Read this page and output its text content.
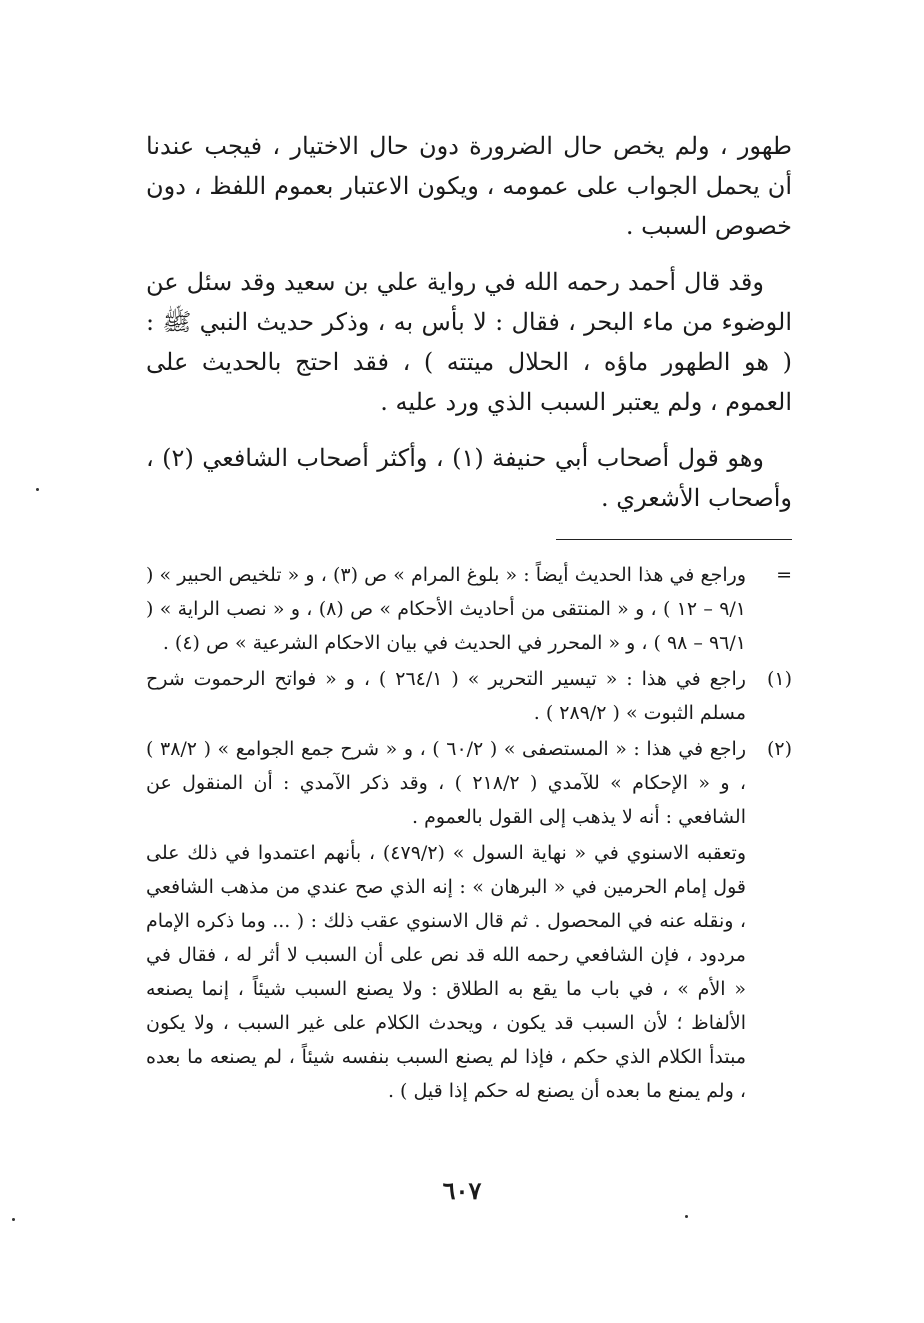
طهور ، ولم يخص حال الضرورة دون حال الاختيار ، فيجب عندنا أن يحمل الجواب على عمومه ، ويكون الاعتبار بعموم اللفظ ، دون خصوص السبب .

وقد قال أحمد رحمه الله في رواية علي بن سعيد وقد سئل عن الوضوء من ماء البحر ، فقال : لا بأس به ، وذكر حديث النبي ﷺ : ( هو الطهور ماؤه ، الحلال ميتته ) ، فقد احتج بالحديث على العموم ، ولم يعتبر السبب الذي ورد عليه .

وهو قول أصحاب أبي حنيفة (١) ، وأكثر أصحاب الشافعي (٢) ، وأصحاب الأشعري .

=

وراجع في هذا الحديث أيضاً : « بلوغ المرام » ص (٣) ، و « تلخيص الحبير » ( ٩/١ – ١٢ ) ، و « المنتقى من أحاديث الأحكام » ص (٨) ، و « نصب الراية » ( ٩٦/١ – ٩٨ ) ، و « المحرر في الحديث في بيان الاحكام الشرعية » ص (٤) .

(١)

راجع في هذا : « تيسير التحرير » ( ٢٦٤/١ ) ، و « فواتح الرحموت شرح مسلم الثبوت » ( ٢٨٩/٢ ) .

(٢)

راجع في هذا : « المستصفى » ( ٦٠/٢ ) ، و « شرح جمع الجوامع » ( ٣٨/٢ ) ، و « الإحكام » للآمدي ( ٢١٨/٢ ) ، وقد ذكر الآمدي : أن المنقول عن الشافعي : أنه لا يذهب إلى القول بالعموم .

وتعقبه الاسنوي في « نهاية السول » (٤٧٩/٢) ، بأنهم اعتمدوا في ذلك على قول إمام الحرمين في « البرهان » : إنه الذي صح عندي من مذهب الشافعي ، ونقله عنه في المحصول . ثم قال الاسنوي عقب ذلك : ( ... وما ذكره الإمام مردود ، فإن الشافعي رحمه الله قد نص على أن السبب لا أثر له ، فقال في « الأم » ، في باب ما يقع به الطلاق : ولا يصنع السبب شيئاً ، إنما يصنعه الألفاظ ؛ لأن السبب قد يكون ، ويحدث الكلام على غير السبب ، ولا يكون مبتدأ الكلام الذي حكم ، فإذا لم يصنع السبب بنفسه شيئاً ، لم يصنعه ما بعده ، ولم يمنع ما بعده أن يصنع له حكم إذا قيل ) .

٦٠٧
